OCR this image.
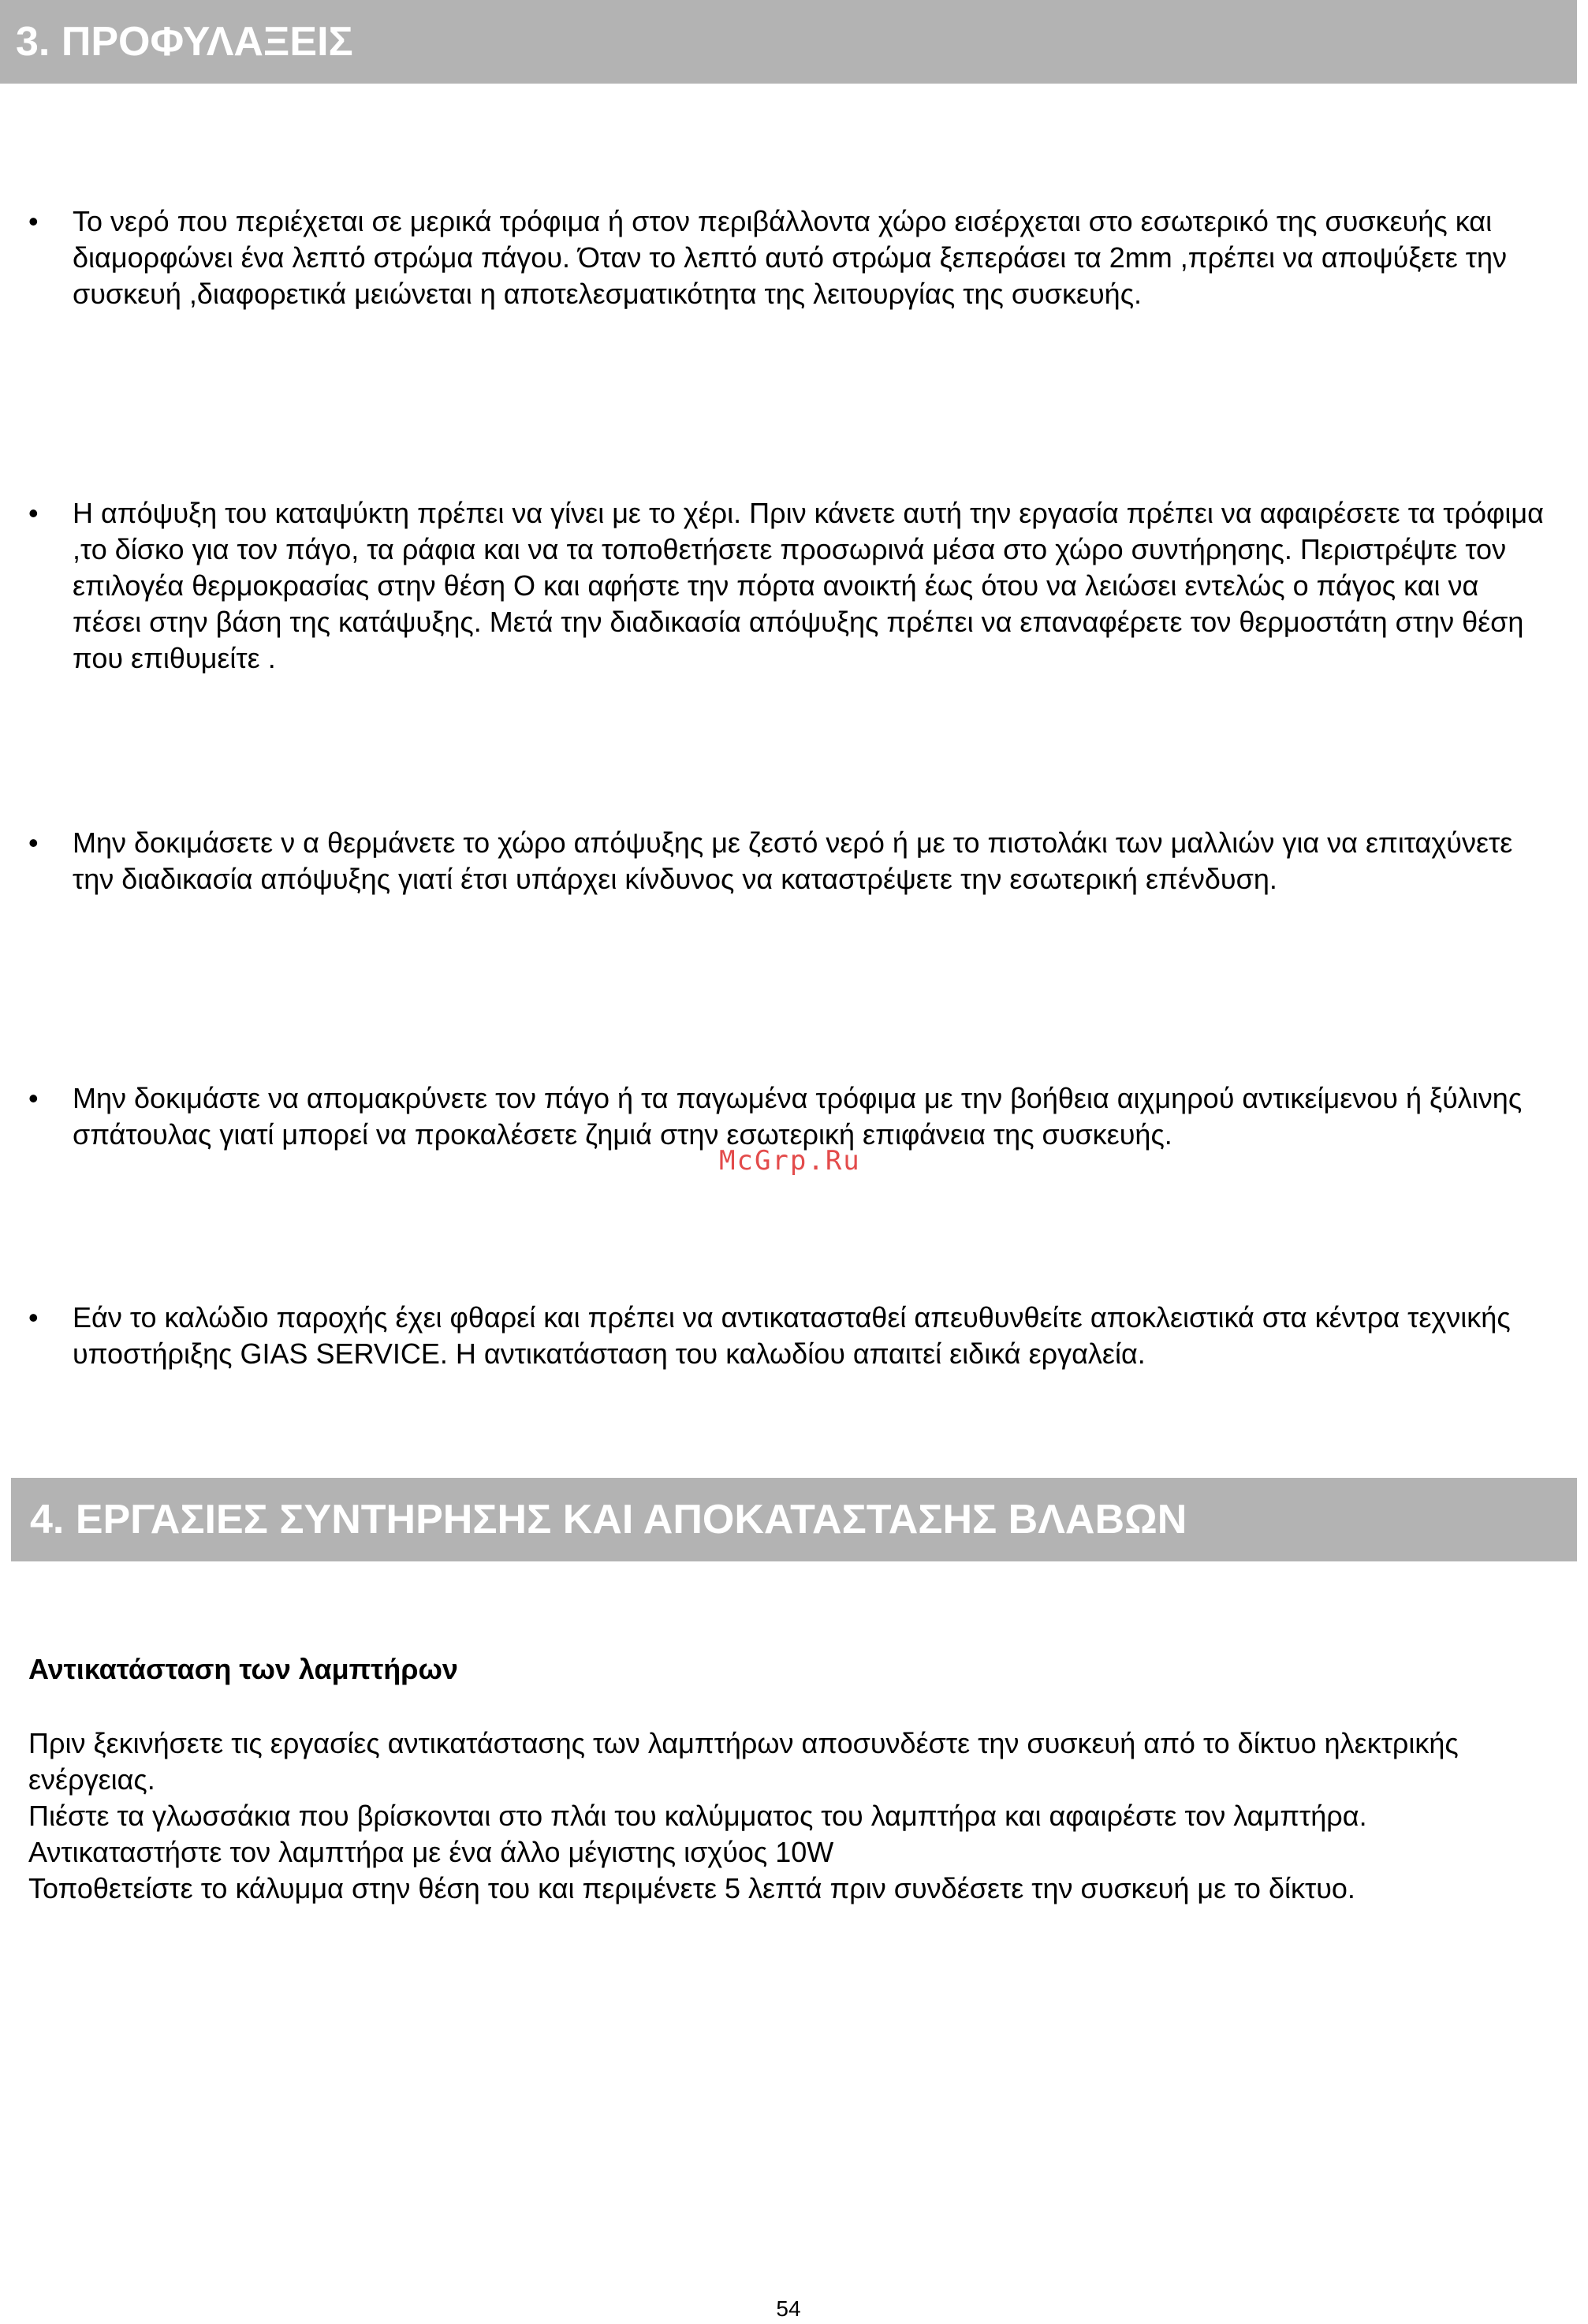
3. ΠΡΟΦΥΛΑΞΕΙΣ
•	Το νερό που περιέχεται σε μερικά τρόφιμα ή στον περιβάλλοντα χώρο εισέρχεται στο εσωτερικό της συσκευής και διαμορφώνει ένα λεπτό στρώμα πάγου. Όταν το λεπτό αυτό στρώμα ξεπεράσει τα 2mm ,πρέπει να αποψύξετε την συσκευή ,διαφορετικά μειώνεται η αποτελεσματικότητα της λειτουργίας της συσκευής.
•	Η απόψυξη του καταψύκτη πρέπει να γίνει με το χέρι. Πριν κάνετε αυτή την εργασία πρέπει να αφαιρέσετε τα τρόφιμα ,το δίσκο για τον πάγο, τα ράφια και να τα τοποθετήσετε προσωρινά μέσα στο χώρο συντήρησης. Περιστρέψτε τον επιλογέα θερμοκρασίας στην θέση Ο και αφήστε την πόρτα ανοικτή έως ότου να λειώσει εντελώς ο πάγος και να πέσει στην βάση της κατάψυξης. Μετά την διαδικασία απόψυξης πρέπει να επαναφέρετε τον θερμοστάτη στην θέση που επιθυμείτε .
•	Μην δοκιμάσετε ν α θερμάνετε το χώρο απόψυξης με ζεστό νερό ή με το πιστολάκι των μαλλιών για να επιταχύνετε την διαδικασία απόψυξης γιατί έτσι υπάρχει κίνδυνος να καταστρέψετε την εσωτερική επένδυση.
•	Μην δοκιμάστε να απομακρύνετε τον πάγο ή τα παγωμένα τρόφιμα με την βοήθεια αιχμηρού αντικείμενου ή ξύλινης σπάτουλας γιατί μπορεί να προκαλέσετε ζημιά στην εσωτερική επιφάνεια της συσκευής.
McGrp.Ru
•	Εάν το καλώδιο παροχής έχει φθαρεί και πρέπει να αντικατασταθεί απευθυνθείτε αποκλειστικά στα κέντρα τεχνικής υποστήριξης GIAS SERVICE. Η αντικατάσταση του καλωδίου απαιτεί ειδικά εργαλεία.
4. ΕΡΓΑΣΙΕΣ ΣΥΝΤΗΡΗΣΗΣ ΚΑΙ ΑΠΟΚΑΤΑΣΤΑΣΗΣ ΒΛΑΒΩΝ
Αντικατάσταση των λαμπτήρων
Πριν ξεκινήσετε τις εργασίες αντικατάστασης των λαμπτήρων αποσυνδέστε την συσκευή από το δίκτυο ηλεκτρικής ενέργειας.
Πιέστε τα γλωσσάκια που βρίσκονται στο πλάι του καλύμματος του λαμπτήρα και αφαιρέστε τον λαμπτήρα.
Αντικαταστήστε τον λαμπτήρα με ένα άλλο μέγιστης ισχύος 10W
Τοποθετείστε το κάλυμμα στην θέση του και περιμένετε 5 λεπτά πριν συνδέσετε την συσκευή με το δίκτυο.
54
